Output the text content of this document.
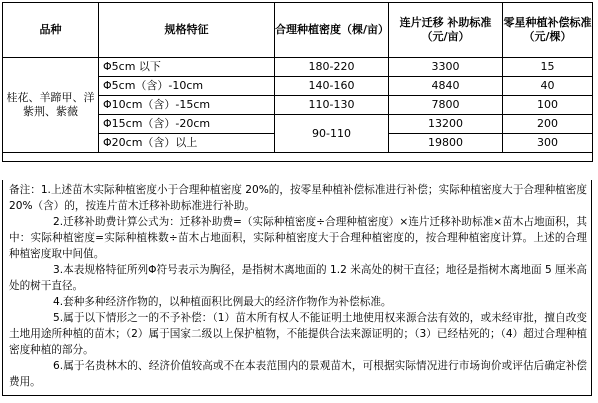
品种	规格特征	合理种植密度（棵/亩）	连片迁移 补助标准（元/亩）	零星种植补偿标准（元/棵）
桂花、羊蹄甲、洋紫荆、紫薇	Φ5cm 以下	180-220	3300	15
	Φ5cm（含）-10cm	140-160	4840	40
	Φ10cm（含）-15cm	110-130	7800	100
	Φ15cm（含）-20cm	90-110	13200	200
	Φ20cm（含）以上		19800	300

备注：1.上述苗木实际种植密度小于合理种植密度 20%的，按零星种植补偿标准进行补偿；实际种植密度大于合理种植密度 20%（含）的，按连片苗木迁移补助标准进行补助。

2.迁移补助费计算公式为：迁移补助费=（实际种植密度÷合理种植密度）×连片迁移补助标准×苗木占地面积，其中：实际种植密度=实际种植株数÷苗木占地面积，实际种植密度大于合理种植密度的，按合理种植密度计算。上述的合理种植密度取中间值。

3.本表规格特征所列Φ符号表示为胸径，是指树木离地面的 1.2 米高处的树干直径；地径是指树木离地面 5 厘米高处的树干直径。

4.套种多种经济作物的，以种植面积比例最大的经济作物作为补偿标准。

5.属于以下情形之一的不予补偿：（1）苗木所有权人不能证明土地使用权来源合法有效的，或未经审批，擅自改变土地用途所种植的苗木；（2）属于国家二级以上保护植物，不能提供合法来源证明的；（3）已经枯死的；（4）超过合理种植密度种植的部分。

6.属于名贵林木的、经济价值较高或不在本表范围内的景观苗木，可根据实际情况进行市场询价或评估后确定补偿费用。
